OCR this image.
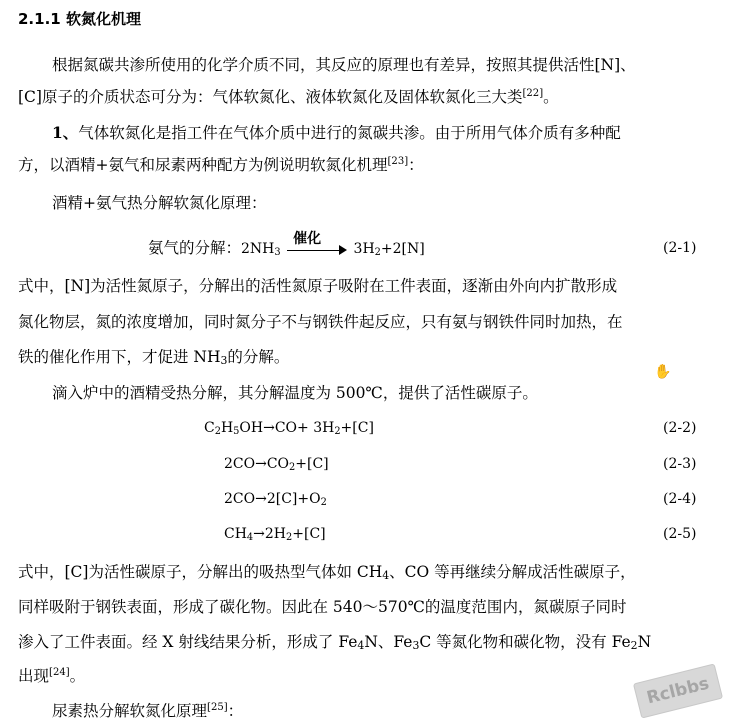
2.1.1 软氮化机理
根据氮碳共渗所使用的化学介质不同，其反应的原理也有差异，按照其提供活性[N]、
[C]原子的介质状态可分为：气体软氮化、液体软氮化及固体软氮化三大类[22]。
1、气体软氮化是指工件在气体介质中进行的氮碳共渗。由于所用气体介质有多种配
方，以酒精+氨气和尿素两种配方为例说明软氮化机理[23]：
酒精+氨气热分解软氮化原理：
氨气的分解：$2NH_3$
催化
$3H_2+2[N]$	(2-1)
式中，[N]为活性氮原子，分解出的活性氮原子吸附在工件表面，逐渐由外向内扩散形成
氮化物层，氮的浓度增加，同时氮分子不与钢铁件起反应，只有氨与钢铁件同时加热，在
铁的催化作用下，才促进 $NH_3$的分解。
✋
滴入炉中的酒精受热分解，其分解温度为 500℃，提供了活性碳原子。
$C_2H_5OH\to CO+ 3H_2+[C]$	(2-2)
$2CO\to CO_2+[C]$	(2-3)
$2CO\to 2[C]+O_2$	(2-4)
$CH_4\to 2H_2+[C]$	(2-5)
式中，[C]为活性碳原子，分解出的吸热型气体如 $CH_4$、CO 等再继续分解成活性碳原子，
同样吸附于钢铁表面，形成了碳化物。因此在 540～570℃的温度范围内，氮碳原子同时
渗入了工件表面。经 X 射线结果分析，形成了 $Fe_4N$、$Fe_3C$ 等氮化物和碳化物，没有 $Fe_2N$
出现[24]。
尿素热分解软氮化原理[25]：
Rclbbs
